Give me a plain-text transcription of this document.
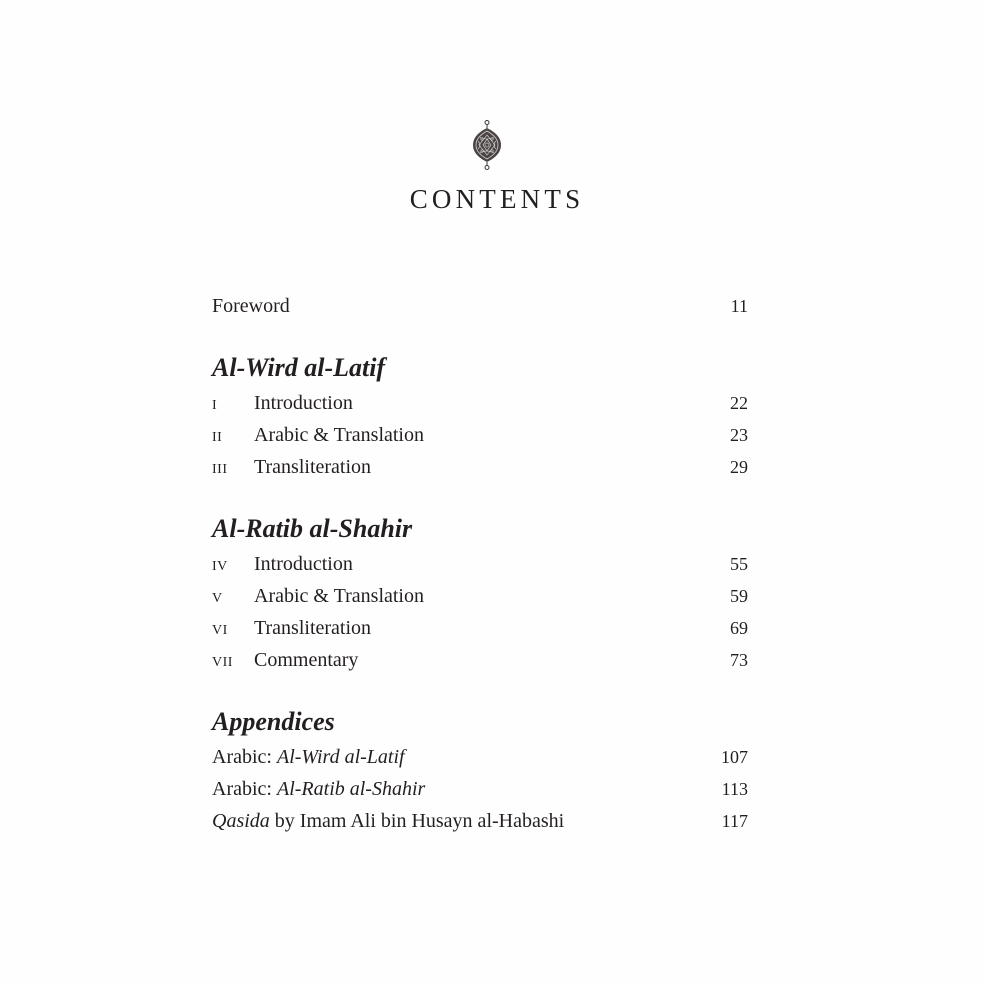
CONTENTS
Foreword	11
Al-Wird al-Latif
I	Introduction	22
II	Arabic & Translation	23
III	Transliteration	29
Al-Ratib al-Shahir
IV	Introduction	55
V	Arabic & Translation	59
VI	Transliteration	69
VII	Commentary	73
Appendices
Arabic: Al-Wird al-Latif	107
Arabic: Al-Ratib al-Shahir	113
Qasida by Imam Ali bin Husayn al-Habashi	117
